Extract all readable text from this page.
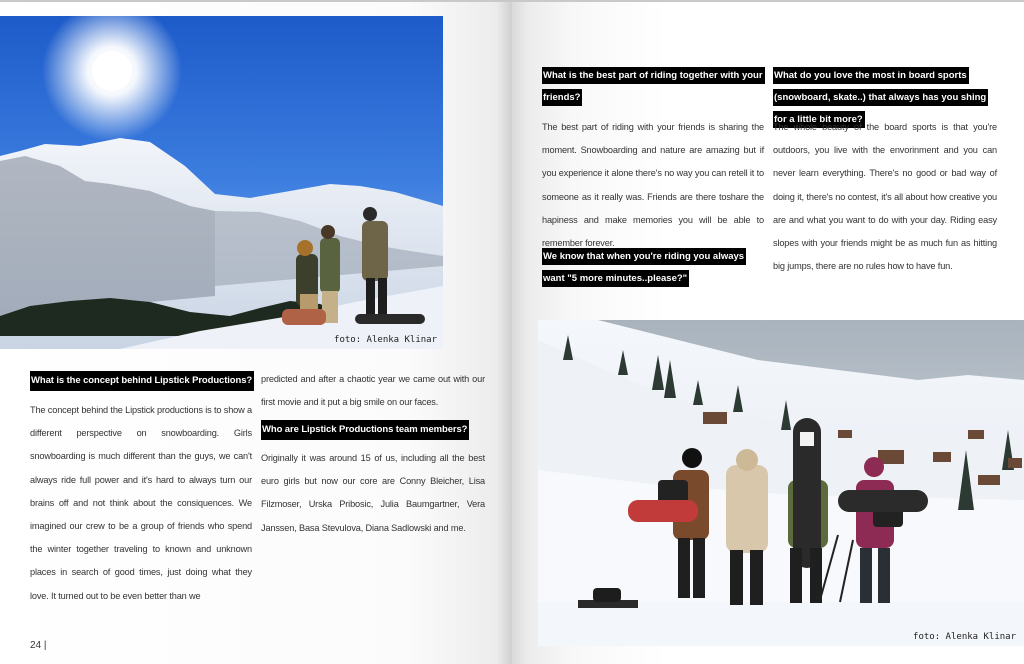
foto: Alenka Klinar
What is the concept behind Lipstick Productions?
The concept behind the Lipstick productions is to show a different perspective on snowboarding. Girls snowboarding is much different than the guys, we can't always ride full power and it's hard to always turn our brains off and not think about the consiquences. We imagined our crew to be a group of friends who spend the winter together traveling to known and unknown places in search of good times, just doing what they love. It turned out to be even better than we
predicted and after a chaotic year we came out with our first movie and it put a big smile on our faces.
Who are Lipstick Productions team members?
Originally it was around 15 of us, including all the best euro girls but now our core are Conny Bleicher, Lisa Filzmoser, Urska Pribosic, Julia Baumgartner, Vera Janssen, Basa Stevulova, Diana Sadlowski and me.
24 |
What is the best part of riding together with your friends?
The best part of riding with your friends is sharing the moment. Snowboarding and nature are amazing but if you experience it alone there's no way you can retell it to someone as it really was. Friends are there toshare the hapiness and make memories you will be able to remember forever.
We know that when you're riding you always want "5 more minutes..please?"
What do you love the most in board sports (snowboard, skate..) that always has you shing for a little bit more?
The whole beauty of the board sports is that you're outdoors, you live with the envorinment and you can never learn everything. There's no good or bad way of doing it, there's no contest, it's all about how creative you are and what you want to do with your day. Riding easy slopes with your friends might be as much fun as hitting big jumps, there are no rules how to have fun.
foto: Alenka Klinar
